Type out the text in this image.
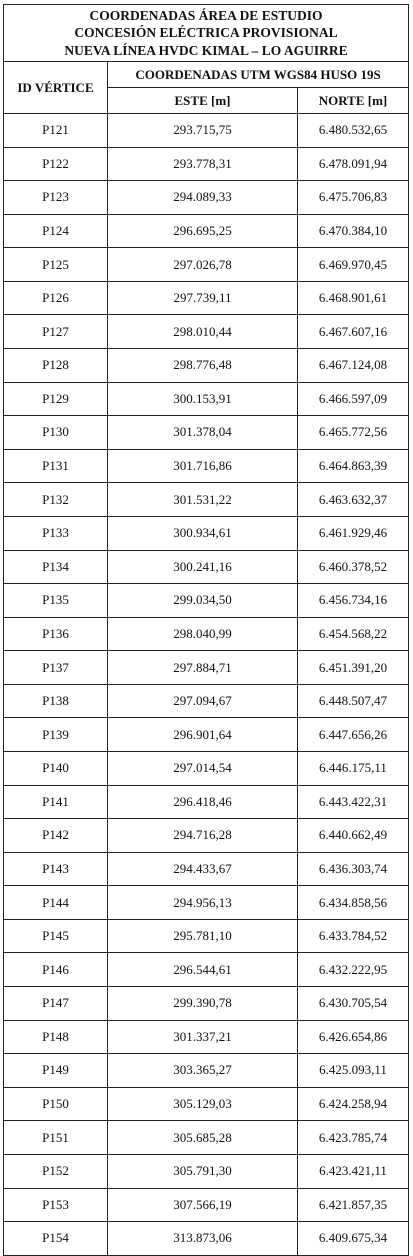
COORDENADAS ÁREA DE ESTUDIO
CONCESIÓN ELÉCTRICA PROVISIONAL
NUEVA LÍNEA HVDC KIMAL – LO AGUIRRE		

ID VÉRTICE	COORDENADAS UTM WGS84 HUSO 19S	
	ESTE [m]	NORTE [m]
P121	293.715,75	6.480.532,65
P122	293.778,31	6.478.091,94
P123	294.089,33	6.475.706,83
P124	296.695,25	6.470.384,10
P125	297.026,78	6.469.970,45
P126	297.739,11	6.468.901,61
P127	298.010,44	6.467.607,16
P128	298.776,48	6.467.124,08
P129	300.153,91	6.466.597,09
P130	301.378,04	6.465.772,56
P131	301.716,86	6.464.863,39
P132	301.531,22	6.463.632,37
P133	300.934,61	6.461.929,46
P134	300.241,16	6.460.378,52
P135	299.034,50	6.456.734,16
P136	298.040,99	6.454.568,22
P137	297.884,71	6.451.391,20
P138	297.094,67	6.448.507,47
P139	296.901,64	6.447.656,26
P140	297.014,54	6.446.175,11
P141	296.418,46	6.443.422,31
P142	294.716,28	6.440.662,49
P143	294.433,67	6.436.303,74
P144	294.956,13	6.434.858,56
P145	295.781,10	6.433.784,52
P146	296.544,61	6.432.222,95
P147	299.390,78	6.430.705,54
P148	301.337,21	6.426.654,86
P149	303.365,27	6.425.093,11
P150	305.129,03	6.424.258,94
P151	305.685,28	6.423.785,74
P152	305.791,30	6.423.421,11
P153	307.566,19	6.421.857,35
P154	313.873,06	6.409.675,34
